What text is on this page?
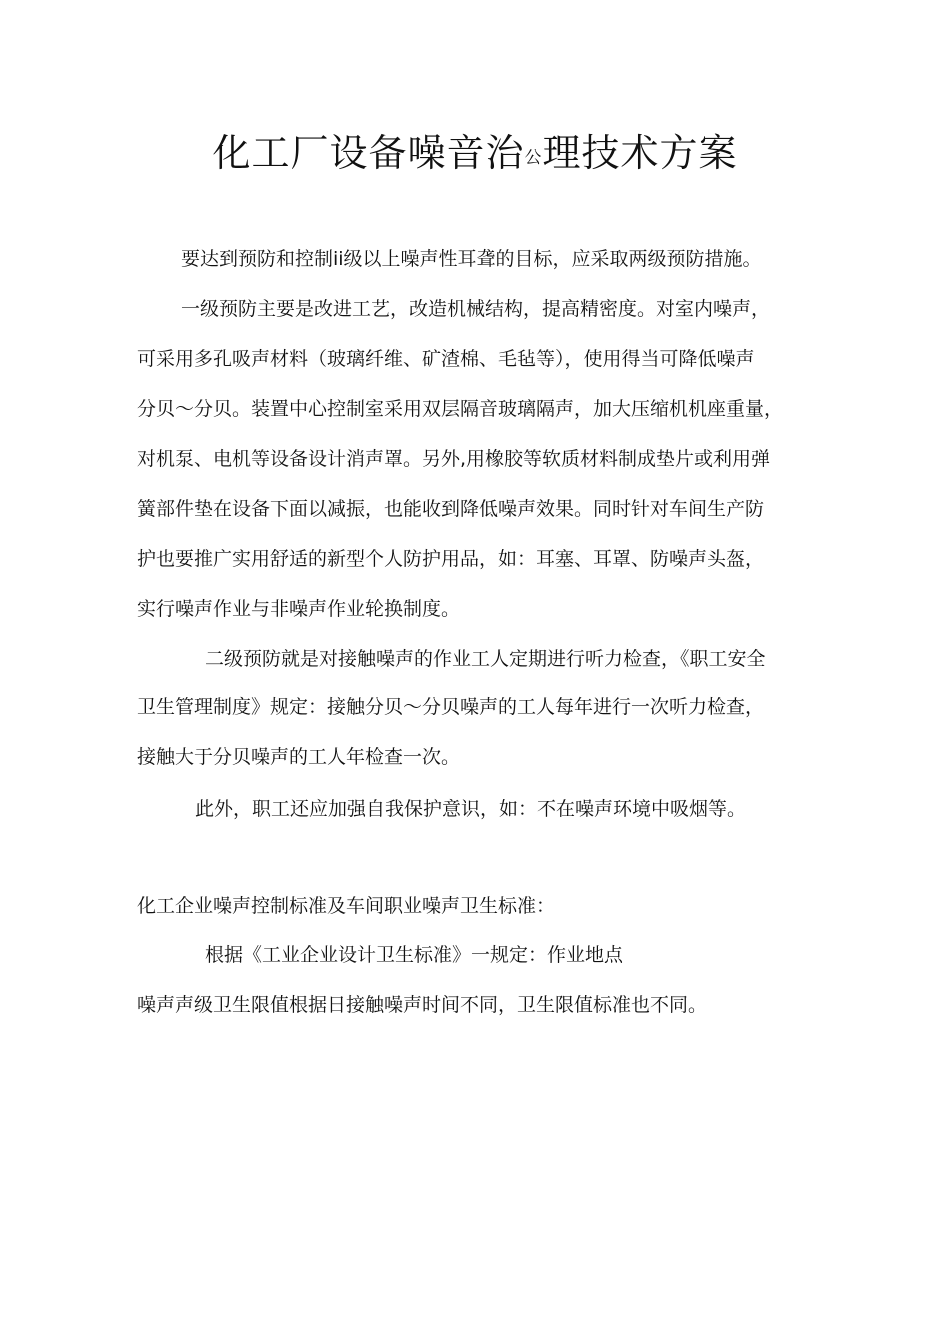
化工厂设备噪音治公理技术方案
要达到预防和控制ii级以上噪声性耳聋的目标，应采取两级预防措施。
一级预防主要是改进工艺，改造机械结构，提高精密度。对室内噪声，
可采用多孔吸声材料（玻璃纤维、矿渣棉、毛毡等），使用得当可降低噪声
分贝〜分贝。装置中心控制室采用双层隔音玻璃隔声，加大压缩机机座重量，
对机泵、电机等设备设计消声罩。另外,用橡胶等软质材料制成垫片或利用弹
簧部件垫在设备下面以减振，也能收到降低噪声效果。同时针对车间生产防
护也要推广实用舒适的新型个人防护用品，如：耳塞、耳罩、防噪声头盔，
实行噪声作业与非噪声作业轮换制度。
二级预防就是对接触噪声的作业工人定期进行听力检查，《职工安全
卫生管理制度》规定：接触分贝〜分贝噪声的工人每年进行一次听力检查，
接触大于分贝噪声的工人年检查一次。
此外，职工还应加强自我保护意识，如：不在噪声环境中吸烟等。
化工企业噪声控制标准及车间职业噪声卫生标准：
根据《工业企业设计卫生标准》一规定：作业地点
噪声声级卫生限值根据日接触噪声时间不同，卫生限值标准也不同。
